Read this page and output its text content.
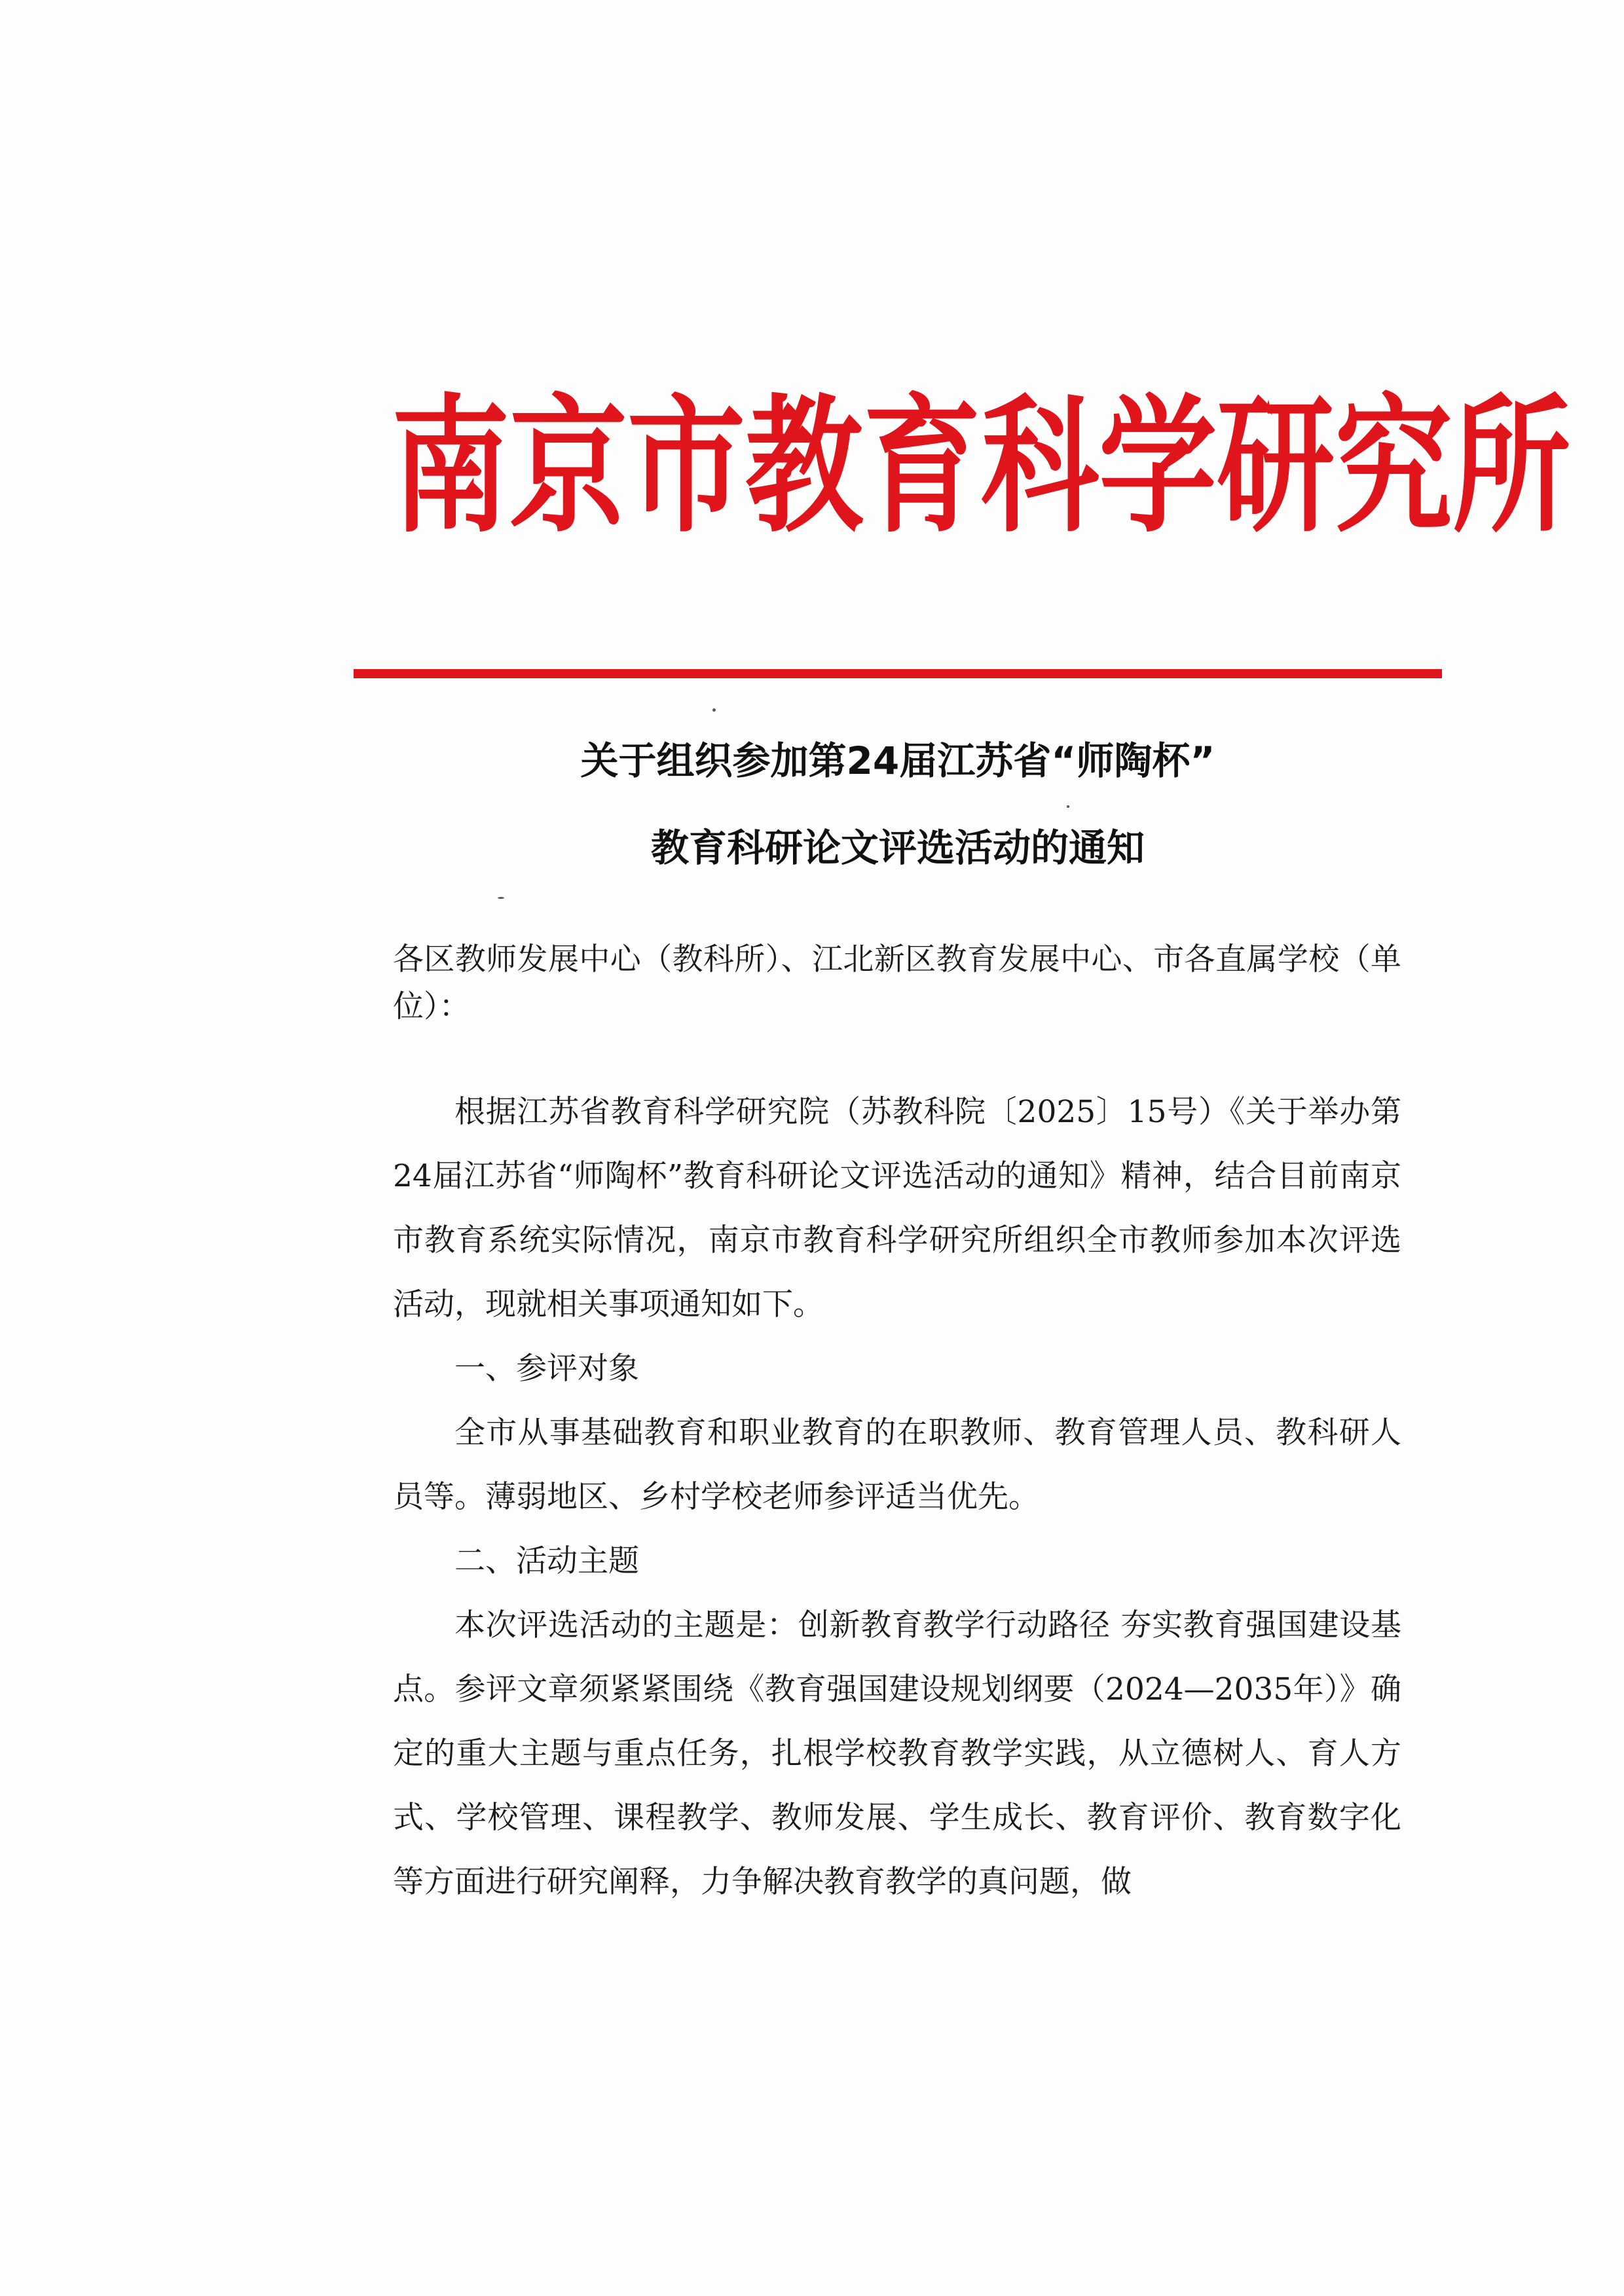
南 京 市 教 育 科 学 研 究 所
关于组织参加第24届江苏省“师陶杯”
教育科研论文评选活动的通知

各区教师发展中心（教科所）、江北新区教育发展中心、市各直属学校（单位）：

根据江苏省教育科学研究院（苏教科院〔2025〕15号）《关于举办第24届江苏省“师陶杯”教育科研论文评选活动的通知》精神，结合目前南京市教育系统实际情况，南京市教育科学研究所组织全市教师参加本次评选活动，现就相关事项通知如下。

一、参评对象

全市从事基础教育和职业教育的在职教师、教育管理人员、教科研人员等。薄弱地区、乡村学校老师参评适当优先。

二、活动主题

本次评选活动的主题是：创新教育教学行动路径 夯实教育强国建设基点。参评文章须紧紧围绕《教育强国建设规划纲要（2024—2035年）》确定的重大主题与重点任务，扎根学校教育教学实践，从立德树人、育人方式、学校管理、课程教学、教师发展、学生成长、教育评价、教育数字化等方面进行研究阐释，力争解决教育教学的真问题，做
